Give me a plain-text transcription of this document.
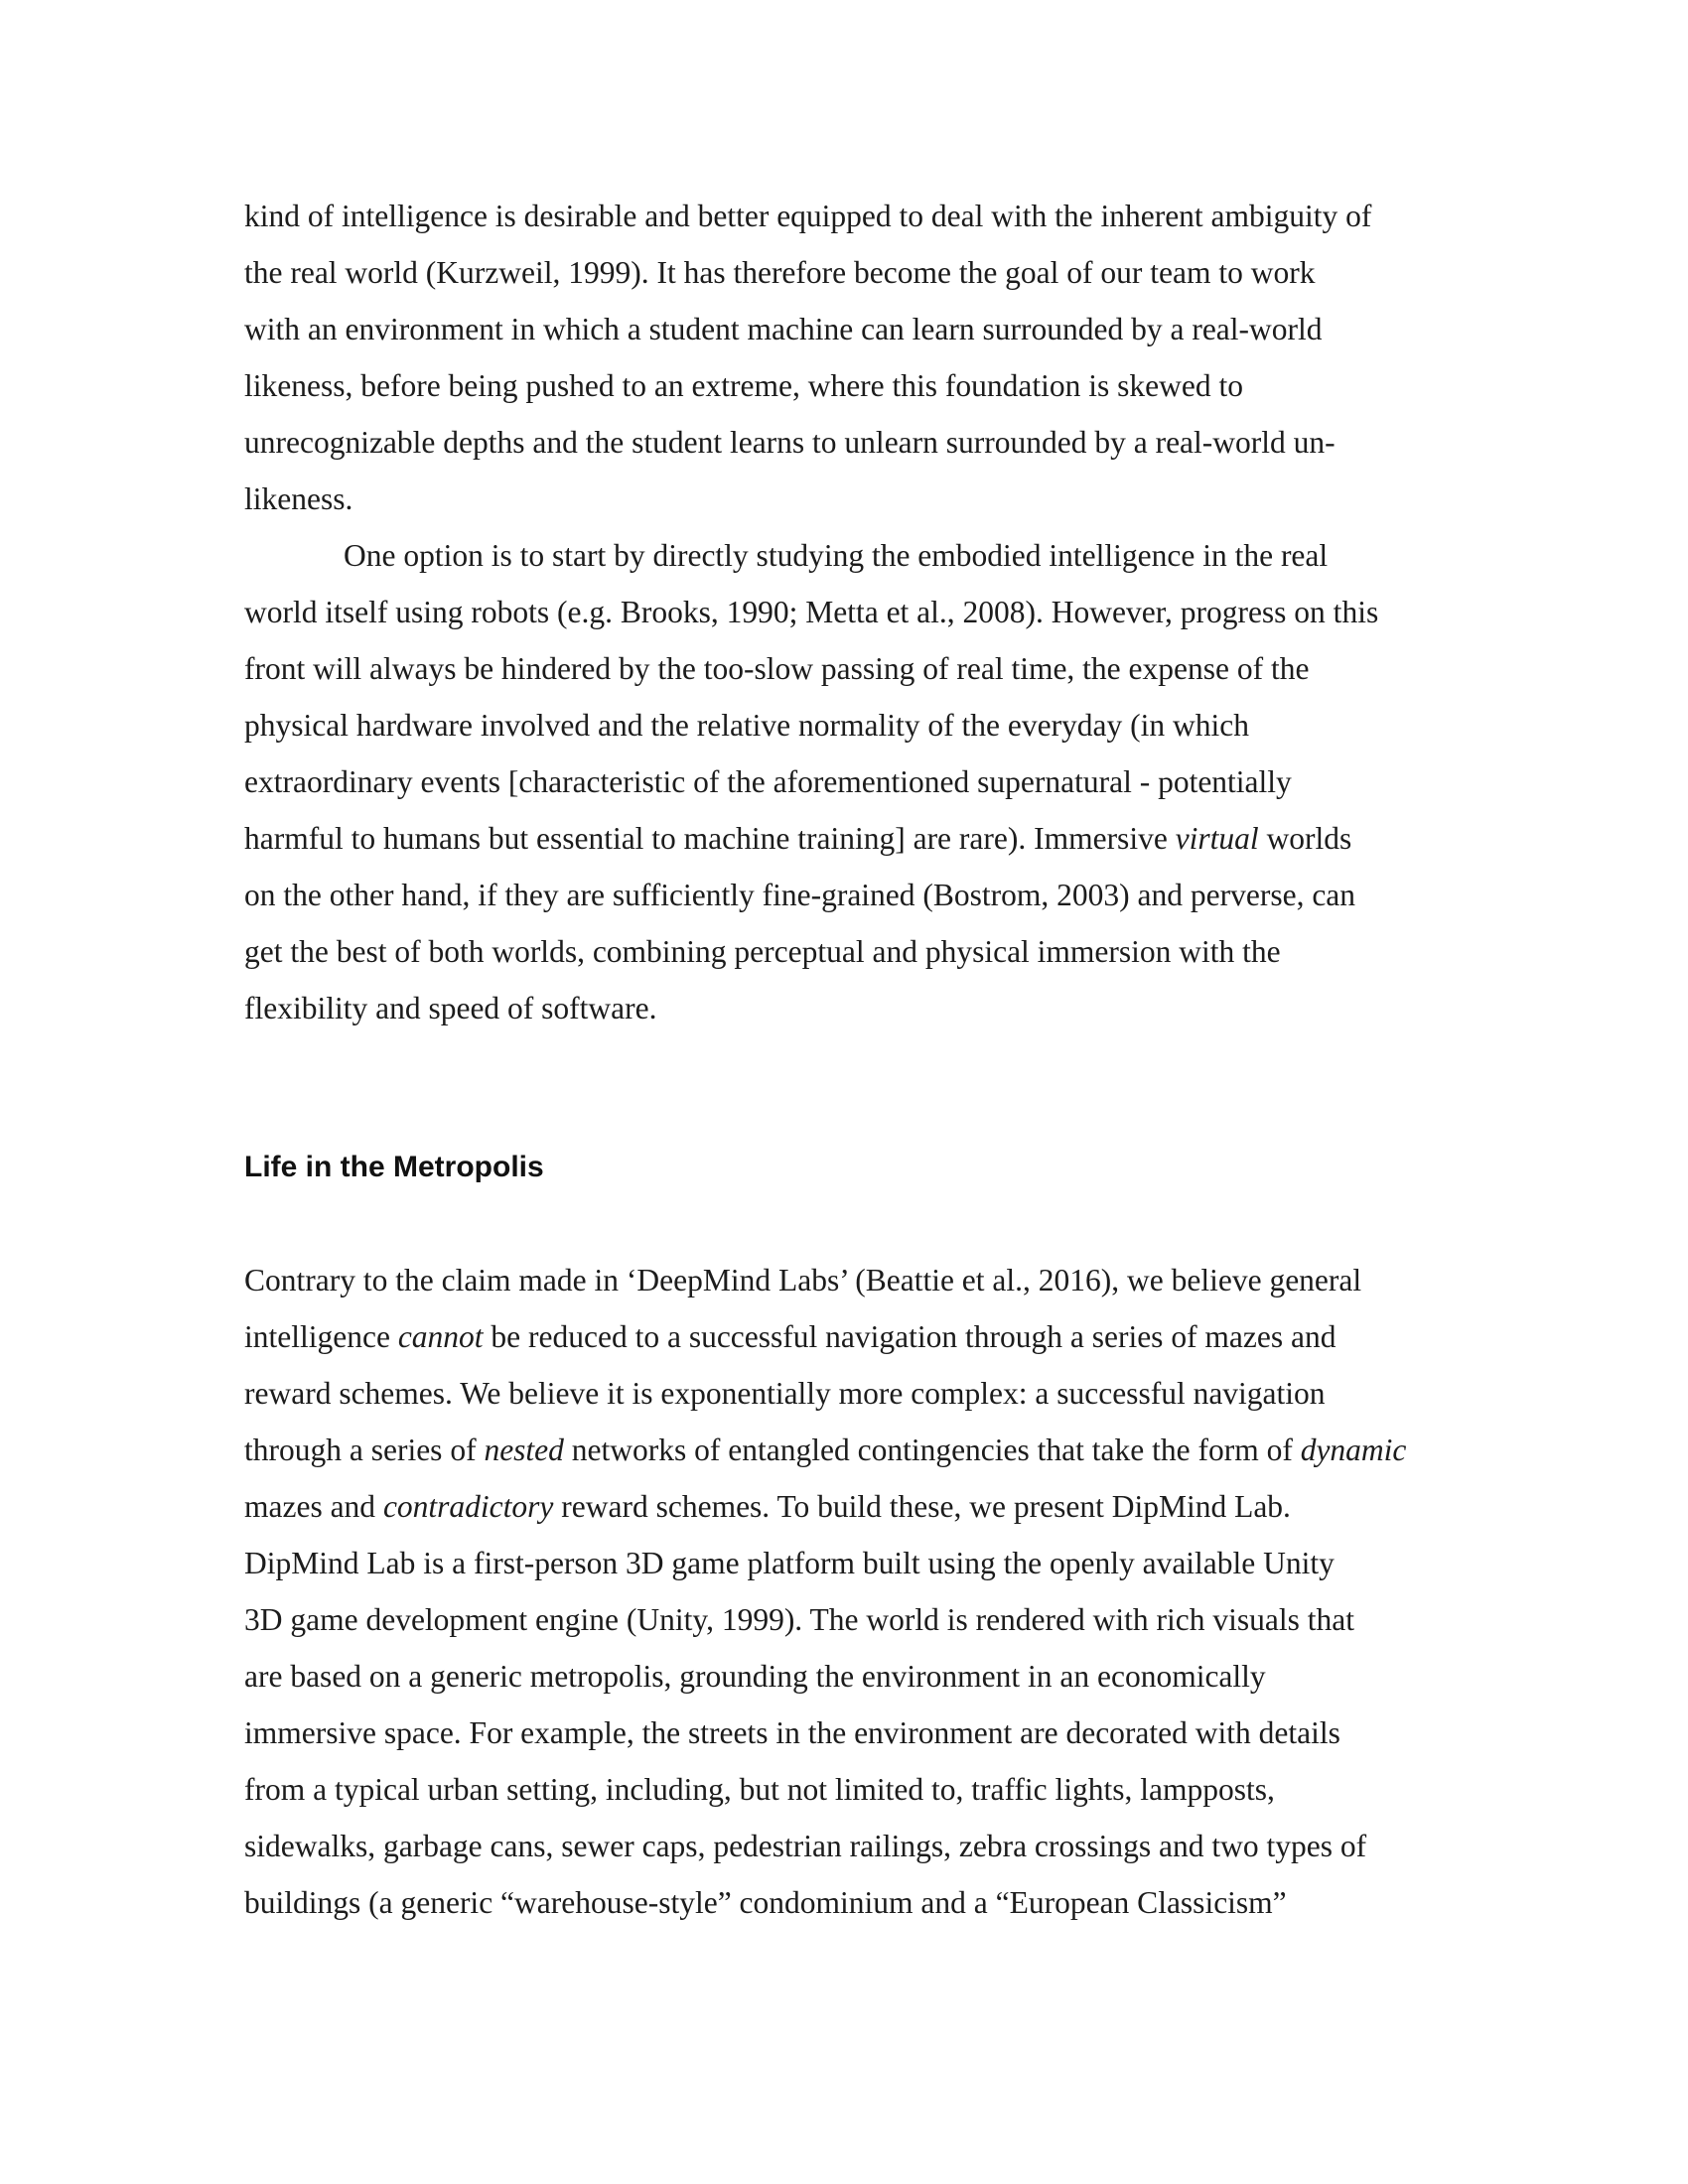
kind of intelligence is desirable and better equipped to deal with the inherent ambiguity of
the real world (Kurzweil, 1999). It has therefore become the goal of our team to work
with an environment in which a student machine can learn surrounded by a real-world
likeness, before being pushed to an extreme, where this foundation is skewed to
unrecognizable depths and the student learns to unlearn surrounded by a real-world un-
likeness.
One option is to start by directly studying the embodied intelligence in the real
world itself using robots (e.g. Brooks, 1990; Metta et al., 2008). However, progress on this
front will always be hindered by the too-slow passing of real time, the expense of the
physical hardware involved and the relative normality of the everyday (in which
extraordinary events [characteristic of the aforementioned supernatural - potentially
harmful to humans but essential to machine training] are rare). Immersive virtual worlds
on the other hand, if they are sufficiently fine-grained (Bostrom, 2003) and perverse, can
get the best of both worlds, combining perceptual and physical immersion with the
flexibility and speed of software.
Life in the Metropolis
Contrary to the claim made in ‘DeepMind Labs’ (Beattie et al., 2016), we believe general
intelligence cannot be reduced to a successful navigation through a series of mazes and
reward schemes. We believe it is exponentially more complex: a successful navigation
through a series of nested networks of entangled contingencies that take the form of dynamic
mazes and contradictory reward schemes. To build these, we present DipMind Lab.
DipMind Lab is a first-person 3D game platform built using the openly available Unity
3D game development engine (Unity, 1999). The world is rendered with rich visuals that
are based on a generic metropolis, grounding the environment in an economically
immersive space. For example, the streets in the environment are decorated with details
from a typical urban setting, including, but not limited to, traffic lights, lampposts,
sidewalks, garbage cans, sewer caps, pedestrian railings, zebra crossings and two types of
buildings (a generic “warehouse-style” condominium and a “European Classicism”
